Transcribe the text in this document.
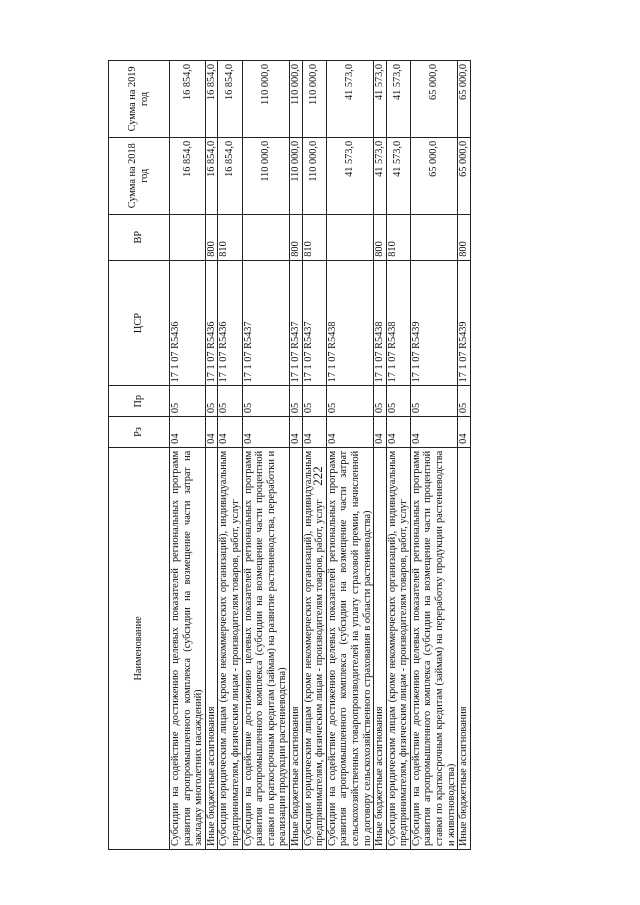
222
Наименование	Рз	Пр	ЦСР	ВР	Сумма на 2018 год	Сумма на 2019 год
Субсидии на содействие достижению целевых показателей региональных программ развития агропромышленного комплекса (субсидии на возмещение части затрат на закладку многолетних насаждений)	04	05	17 1 07 R5436		16 854,0	16 854,0
Иные бюджетные ассигнования	04	05	17 1 07 R5436	800	16 854,0	16 854,0
Субсидии юридическим лицам (кроме некоммерческих организаций), индивидуальным предпринимателям, физическим лицам - производителям товаров, работ, услуг	04	05	17 1 07 R5436	810	16 854,0	16 854,0
Субсидии на содействие достижению целевых показателей региональных программ развития агропромышленного комплекса (субсидии на возмещение части процентной ставки по краткосрочным кредитам (займам) на развитие растениеводства, переработки и реализации продукции растениеводства)	04	05	17 1 07 R5437		110 000,0	110 000,0
Иные бюджетные ассигнования	04	05	17 1 07 R5437	800	110 000,0	110 000,0
Субсидии юридическим лицам (кроме некоммерческих организаций), индивидуальным предпринимателям, физическим лицам - производителям товаров, работ, услуг	04	05	17 1 07 R5437	810	110 000,0	110 000,0
Субсидии на содействие достижению целевых показателей региональных программ развития агропромышленного комплекса (субсидии на возмещение части затрат сельскохозяйственных товаропроизводителей на уплату страховой премии, начисленной по договору сельскохозяйственного страхования в области растениеводства)	04	05	17 1 07 R5438		41 573,0	41 573,0
Иные бюджетные ассигнования	04	05	17 1 07 R5438	800	41 573,0	41 573,0
Субсидии юридическим лицам (кроме некоммерческих организаций), индивидуальным предпринимателям, физическим лицам - производителям товаров, работ, услуг	04	05	17 1 07 R5438	810	41 573,0	41 573,0
Субсидии на содействие достижению целевых показателей региональных программ развития агропромышленного комплекса (субсидии на возмещение части процентной ставки по краткосрочным кредитам (займам) на переработку продукции растениеводства и животноводства)	04	05	17 1 07 R5439		65 000,0	65 000,0
Иные бюджетные ассигнования	04	05	17 1 07 R5439	800	65 000,0	65 000,0
